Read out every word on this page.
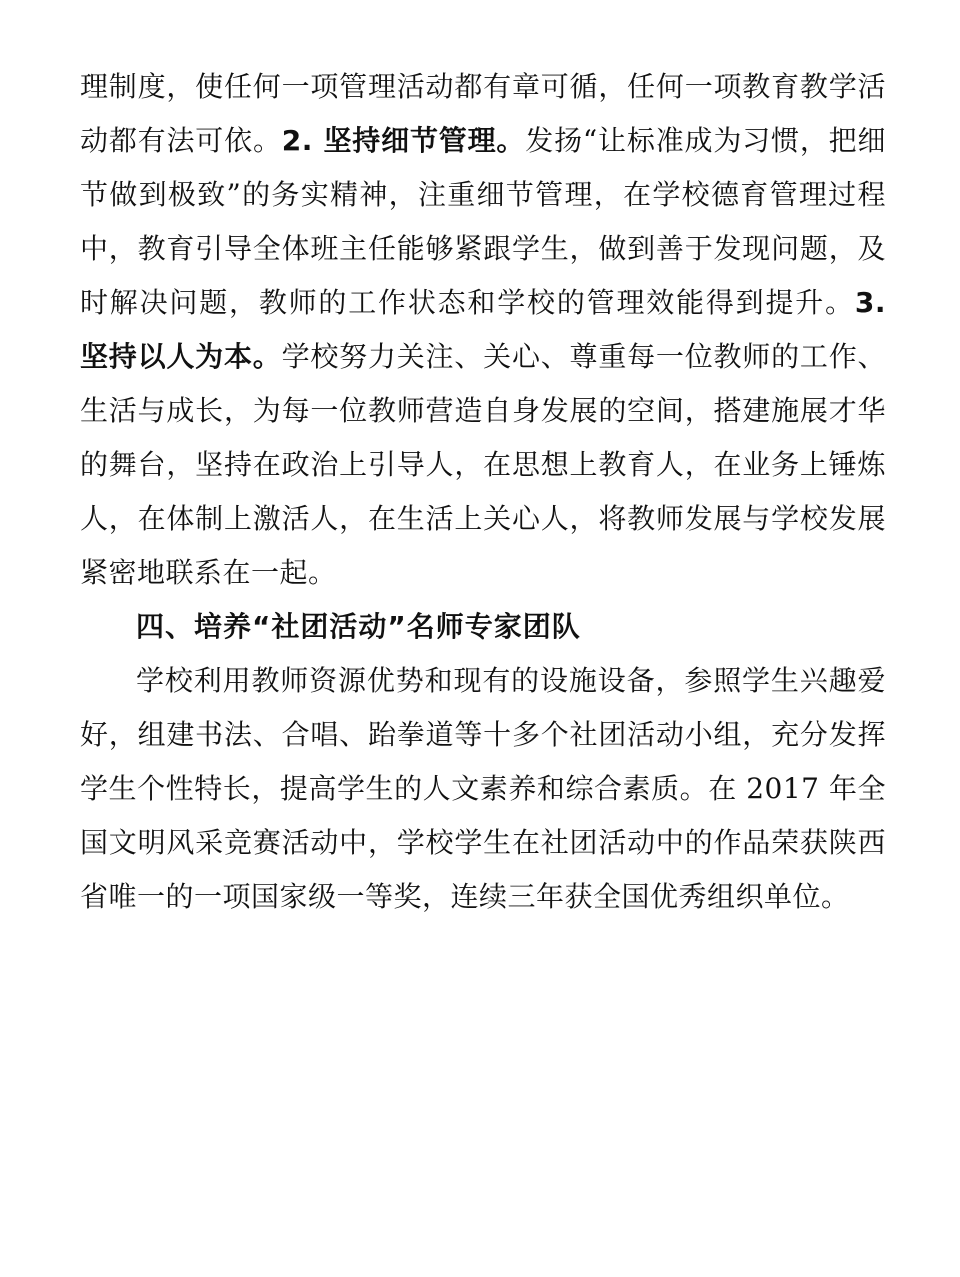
理制度，使任何一项管理活动都有章可循，任何一项教育教学活
动都有法可依。2. 坚持细节管理。发扬“让标准成为习惯，把细
节做到极致”的务实精神，注重细节管理，在学校德育管理过程
中，教育引导全体班主任能够紧跟学生，做到善于发现问题，及
时解决问题，教师的工作状态和学校的管理效能得到提升。3.
坚持以人为本。学校努力关注、关心、尊重每一位教师的工作、
生活与成长，为每一位教师营造自身发展的空间，搭建施展才华
的舞台，坚持在政治上引导人，在思想上教育人，在业务上锤炼
人，在体制上激活人，在生活上关心人，将教师发展与学校发展
紧密地联系在一起。
四、培养“社团活动”名师专家团队
学校利用教师资源优势和现有的设施设备，参照学生兴趣爱
好，组建书法、合唱、跆拳道等十多个社团活动小组，充分发挥
学生个性特长，提高学生的人文素养和综合素质。在 2017 年全
国文明风采竞赛活动中，学校学生在社团活动中的作品荣获陕西
省唯一的一项国家级一等奖，连续三年获全国优秀组织单位。
